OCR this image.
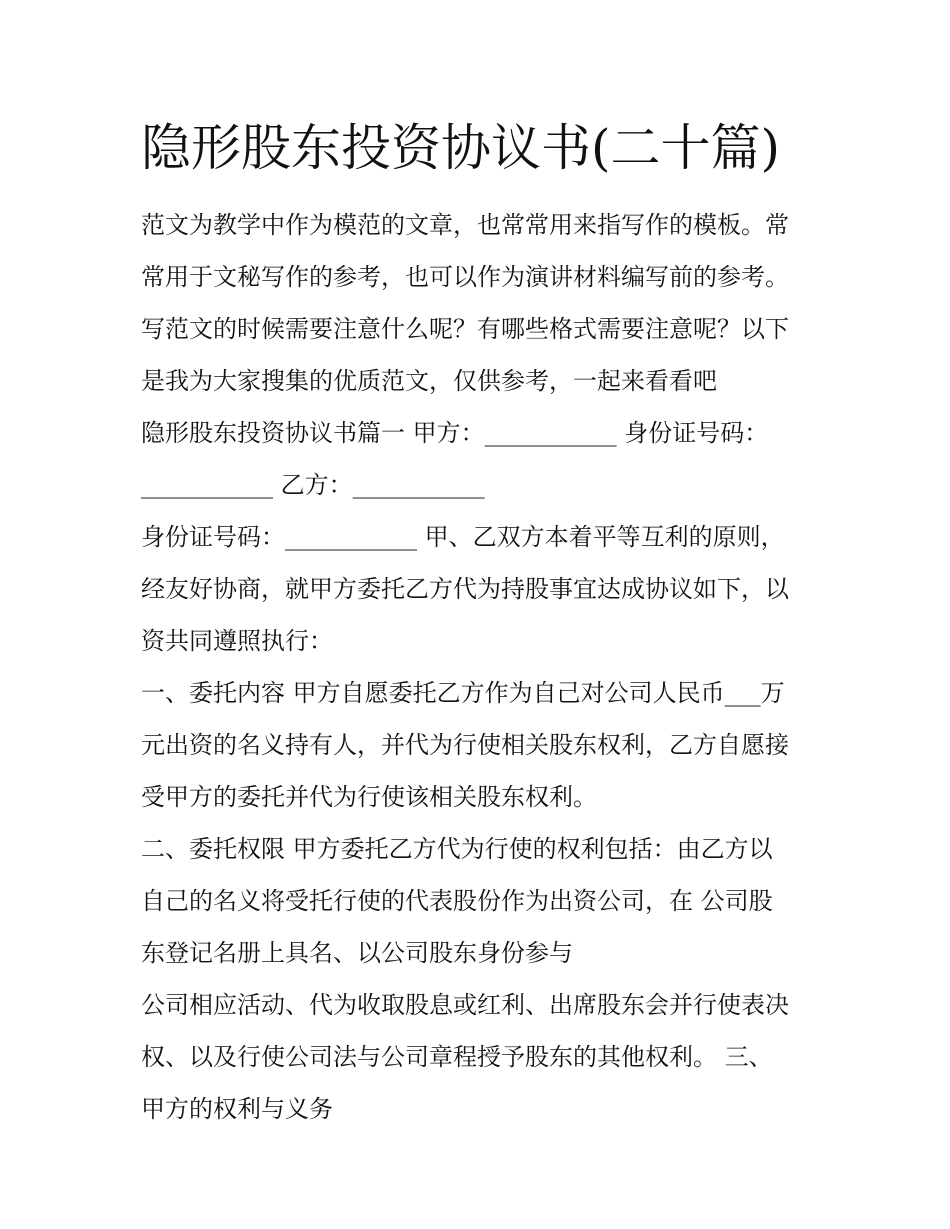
隐形股东投资协议书(二十篇)

范文为教学中作为模范的文章，也常常用来指写作的模板。常

常用于文秘写作的参考，也可以作为演讲材料编写前的参考。

写范文的时候需要注意什么呢？有哪些格式需要注意呢？以下

是我为大家搜集的优质范文，仅供参考，一起来看看吧

隐形股东投资协议书篇一 甲方：___________ 身份证号码：

___________ 乙方：___________

身份证号码：___________ 甲、乙双方本着平等互利的原则，

经友好协商，就甲方委托乙方代为持股事宜达成协议如下，以

资共同遵照执行：

一、委托内容 甲方自愿委托乙方作为自己对公司人民币___万

元出资的名义持有人，并代为行使相关股东权利，乙方自愿接

受甲方的委托并代为行使该相关股东权利。

二、委托权限 甲方委托乙方代为行使的权利包括：由乙方以

自己的名义将受托行使的代表股份作为出资公司，在 公司股

东登记名册上具名、以公司股东身份参与

公司相应活动、代为收取股息或红利、出席股东会并行使表决

权、以及行使公司法与公司章程授予股东的其他权利。 三、

甲方的权利与义务
